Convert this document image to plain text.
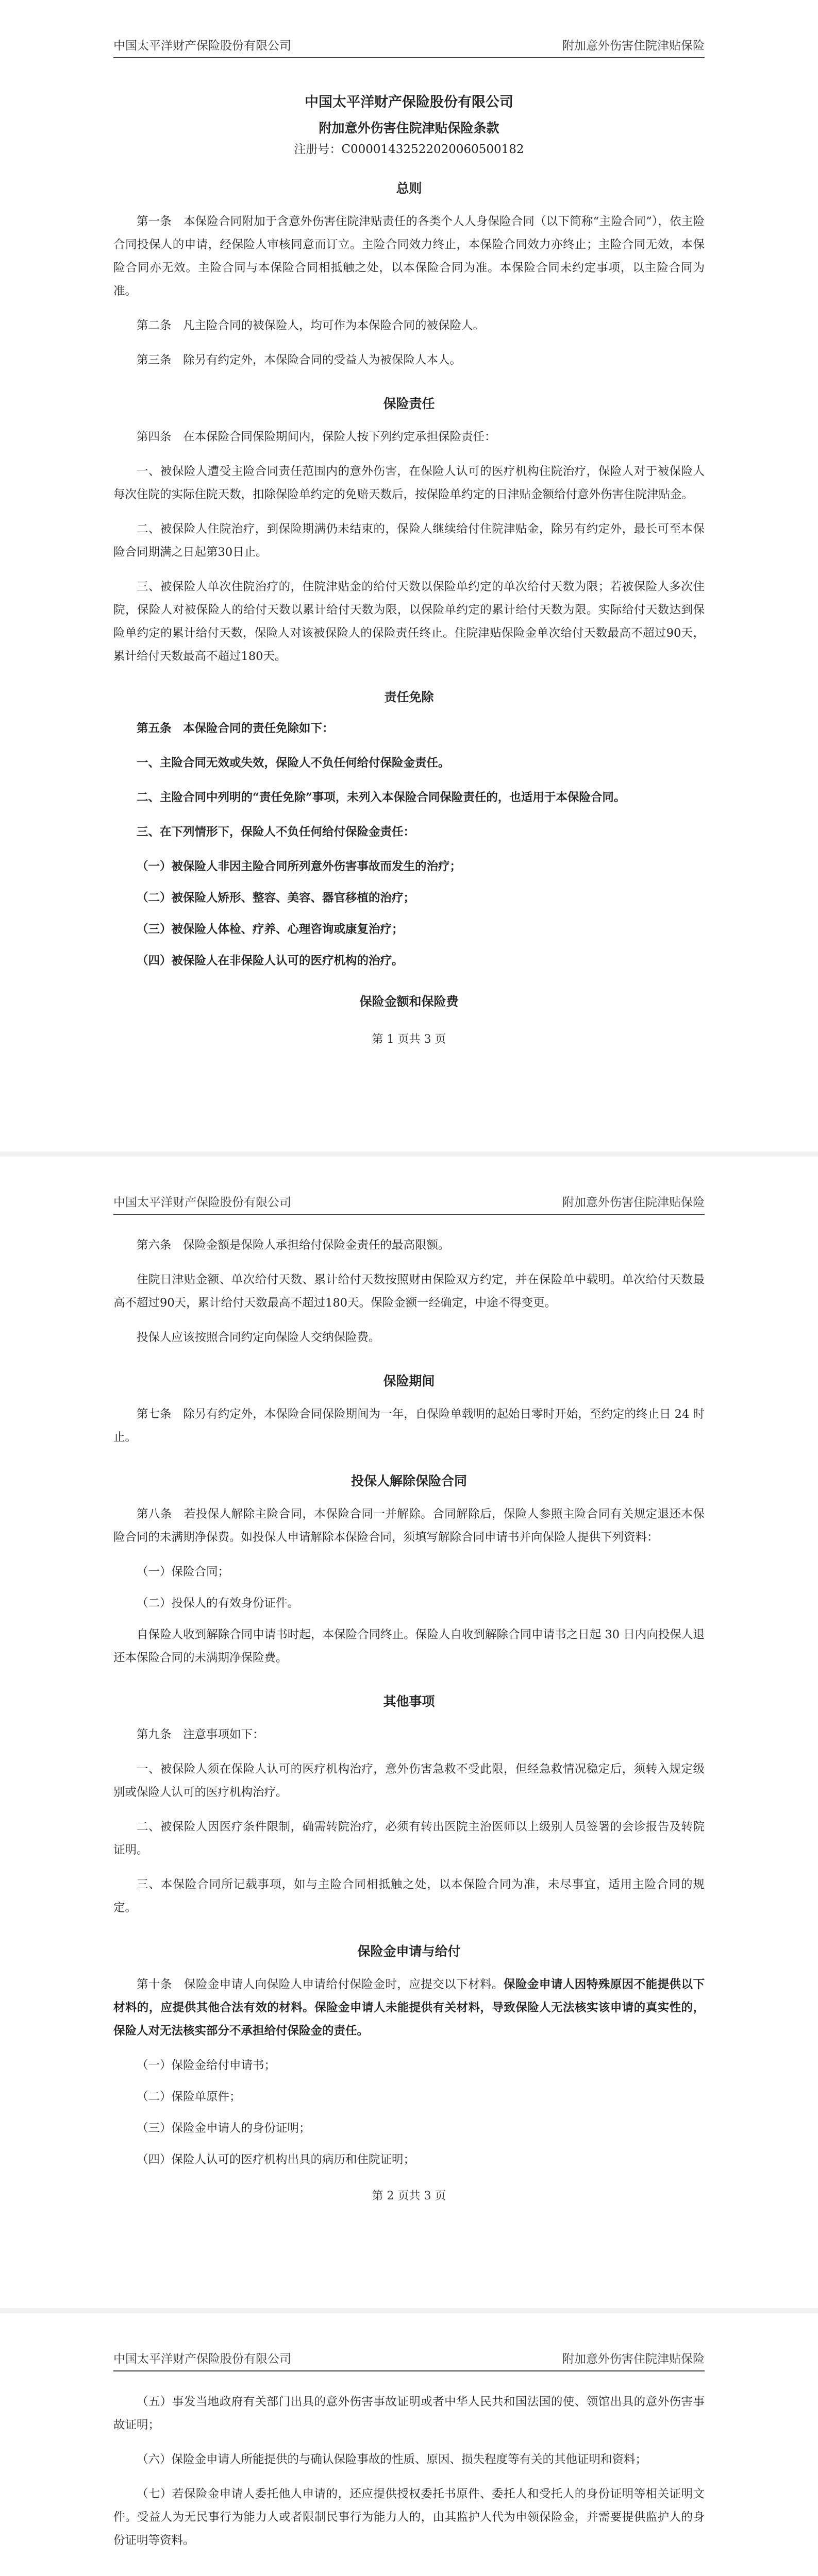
中国太平洋财产保险股份有限公司	附加意外伤害住院津贴保险
中国太平洋财产保险股份有限公司
附加意外伤害住院津贴保险条款
注册号：C00001432522020060500182
总则

第一条　本保险合同附加于含意外伤害住院津贴责任的各类个人人身保险合同（以下简称“主险合同”），依主险合同投保人的申请，经保险人审核同意而订立。主险合同效力终止，本保险合同效力亦终止；主险合同无效，本保险合同亦无效。主险合同与本保险合同相抵触之处，以本保险合同为准。本保险合同未约定事项，以主险合同为准。

第二条　凡主险合同的被保险人，均可作为本保险合同的被保险人。

第三条　除另有约定外，本保险合同的受益人为被保险人本人。

保险责任

第四条　在本保险合同保险期间内，保险人按下列约定承担保险责任：

一、被保险人遭受主险合同责任范围内的意外伤害，在保险人认可的医疗机构住院治疗，保险人对于被保险人每次住院的实际住院天数，扣除保险单约定的免赔天数后，按保险单约定的日津贴金额给付意外伤害住院津贴金。

二、被保险人住院治疗，到保险期满仍未结束的，保险人继续给付住院津贴金，除另有约定外，最长可至本保险合同期满之日起第30日止。

三、被保险人单次住院治疗的，住院津贴金的给付天数以保险单约定的单次给付天数为限；若被保险人多次住院，保险人对被保险人的给付天数以累计给付天数为限，以保险单约定的累计给付天数为限。实际给付天数达到保险单约定的累计给付天数，保险人对该被保险人的保险责任终止。住院津贴保险金单次给付天数最高不超过90天，累计给付天数最高不超过180天。

责任免除

第五条　本保险合同的责任免除如下：

一、主险合同无效或失效，保险人不负任何给付保险金责任。

二、主险合同中列明的“责任免除”事项，未列入本保险合同保险责任的，也适用于本保险合同。

三、在下列情形下，保险人不负任何给付保险金责任：

（一）被保险人非因主险合同所列意外伤害事故而发生的治疗；

（二）被保险人矫形、整容、美容、器官移植的治疗；

（三）被保险人体检、疗养、心理咨询或康复治疗；

（四）被保险人在非保险人认可的医疗机构的治疗。

保险金额和保险费
第 1 页共 3 页
中国太平洋财产保险股份有限公司	附加意外伤害住院津贴保险

第六条　保险金额是保险人承担给付保险金责任的最高限额。

住院日津贴金额、单次给付天数、累计给付天数按照财由保险双方约定，并在保险单中载明。单次给付天数最高不超过90天，累计给付天数最高不超过180天。保险金额一经确定，中途不得变更。

投保人应该按照合同约定向保险人交纳保险费。

保险期间

第七条　除另有约定外，本保险合同保险期间为一年，自保险单载明的起始日零时开始，至约定的终止日 24 时止。

投保人解除保险合同

第八条　若投保人解除主险合同，本保险合同一并解除。合同解除后，保险人参照主险合同有关规定退还本保险合同的未满期净保费。如投保人申请解除本保险合同，须填写解除合同申请书并向保险人提供下列资料：

（一）保险合同；

（二）投保人的有效身份证件。

自保险人收到解除合同申请书时起，本保险合同终止。保险人自收到解除合同申请书之日起 30 日内向投保人退还本保险合同的未满期净保险费。

其他事项

第九条　注意事项如下：

一、被保险人须在保险人认可的医疗机构治疗，意外伤害急救不受此限，但经急救情况稳定后，须转入规定级别或保险人认可的医疗机构治疗。

二、被保险人因医疗条件限制，确需转院治疗，必须有转出医院主治医师以上级别人员签署的会诊报告及转院证明。

三、本保险合同所记载事项，如与主险合同相抵触之处，以本保险合同为准，未尽事宜，适用主险合同的规定。

保险金申请与给付

第十条　保险金申请人向保险人申请给付保险金时，应提交以下材料。保险金申请人因特殊原因不能提供以下材料的，应提供其他合法有效的材料。保险金申请人未能提供有关材料，导致保险人无法核实该申请的真实性的，保险人对无法核实部分不承担给付保险金的责任。

（一）保险金给付申请书；

（二）保险单原件；

（三）保险金申请人的身份证明；

（四）保险人认可的医疗机构出具的病历和住院证明；

第 2 页共 3 页
中国太平洋财产保险股份有限公司	附加意外伤害住院津贴保险

（五）事发当地政府有关部门出具的意外伤害事故证明或者中华人民共和国法国的使、领馆出具的意外伤害事故证明；

（六）保险金申请人所能提供的与确认保险事故的性质、原因、损失程度等有关的其他证明和资料；

（七）若保险金申请人委托他人申请的，还应提供授权委托书原件、委托人和受托人的身份证明等相关证明文件。受益人为无民事行为能力人或者限制民事行为能力人的，由其监护人代为申领保险金，并需要提供监护人的身份证明等资料。
